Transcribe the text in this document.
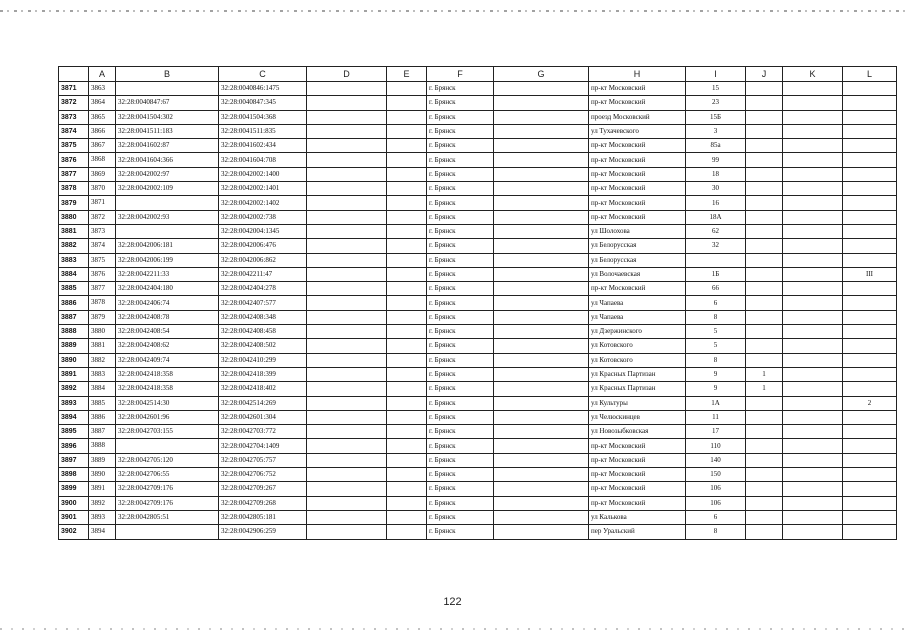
	A	B	C	D	E	F	G	H	I	J	K	L
3871	3863		32:28:0040846:1475			г. Брянск		пр-кт Московский	15			
3872	3864	32:28:0040847:67	32:28:0040847:345			г. Брянск		пр-кт Московский	23			
3873	3865	32:28:0041504:302	32:28:0041504:368			г. Брянск		проезд Московский	15Б			
3874	3866	32:28:0041511:183	32:28:0041511:835			г. Брянск		ул Тухачевского	3			
3875	3867	32:28:0041602:87	32:28:0041602:434			г. Брянск		пр-кт Московский	85а			
3876	3868	32:28:0041604:366	32:28:0041604:708			г. Брянск		пр-кт Московский	99			
3877	3869	32:28:0042002:97	32:28:0042002:1400			г. Брянск		пр-кт Московский	18			
3878	3870	32:28:0042002:109	32:28:0042002:1401			г. Брянск		пр-кт Московский	30			
3879	3871		32:28:0042002:1402			г. Брянск		пр-кт Московский	16			
3880	3872	32:28:0042002:93	32:28:0042002:738			г. Брянск		пр-кт Московский	18А			
3881	3873		32:28:0042004:1345			г. Брянск		ул Шолохова	62			
3882	3874	32:28:0042006:181	32:28:0042006:476			г. Брянск		ул Белорусская	32			
3883	3875	32:28:0042006:199	32:28:0042006:862			г. Брянск		ул Белорусская				
3884	3876	32:28:0042211:33	32:28:0042211:47			г. Брянск		ул Волочаевская	1Б			III
3885	3877	32:28:0042404:180	32:28:0042404:278			г. Брянск		пр-кт Московский	66			
3886	3878	32:28:0042406:74	32:28:0042407:577			г. Брянск		ул Чапаева	6			
3887	3879	32:28:0042408:78	32:28:0042408:348			г. Брянск		ул Чапаева	8			
3888	3880	32:28:0042408:54	32:28:0042408:458			г. Брянск		ул Дзержинского	5			
3889	3881	32:28:0042408:62	32:28:0042408:502			г. Брянск		ул Котовского	5			
3890	3882	32:28:0042409:74	32:28:0042410:299			г. Брянск		ул Котовского	8			
3891	3883	32:28:0042418:358	32:28:0042418:399			г. Брянск		ул Красных Партизан	9	1		
3892	3884	32:28:0042418:358	32:28:0042418:402			г. Брянск		ул Красных Партизан	9	1		
3893	3885	32:28:0042514:30	32:28:0042514:269			г. Брянск		ул Культуры	1А			2
3894	3886	32:28:0042601:96	32:28:0042601:304			г. Брянск		ул Челюскинцев	11			
3895	3887	32:28:0042703:155	32:28:0042703:772			г. Брянск		ул Новозыбковская	17			
3896	3888		32:28:0042704:1409			г. Брянск		пр-кт Московский	110			
3897	3889	32:28:0042705:120	32:28:0042705:757			г. Брянск		пр-кт Московский	140			
3898	3890	32:28:0042706:55	32:28:0042706:752			г. Брянск		пр-кт Московский	150			
3899	3891	32:28:0042709:176	32:28:0042709:267			г. Брянск		пр-кт Московский	106			
3900	3892	32:28:0042709:176	32:28:0042709:268			г. Брянск		пр-кт Московский	106			
3901	3893	32:28:0042805:51	32:28:0042805:181			г. Брянск		ул Калькова	6			
3902	3894		32:28:0042906:259			г. Брянск		пер Уральский	8			
122
